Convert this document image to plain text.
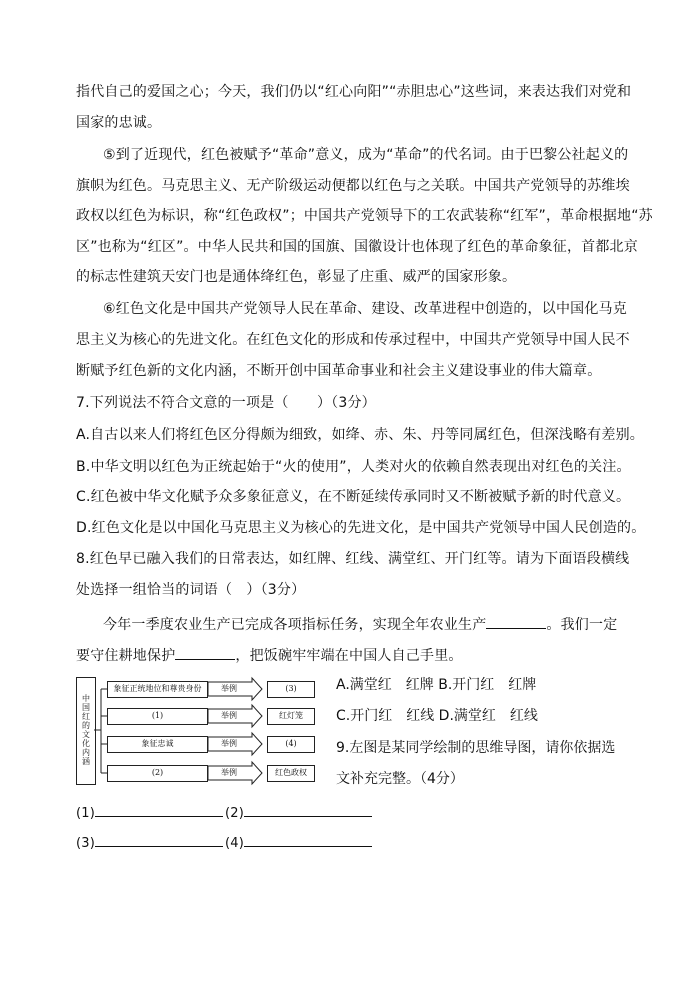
指代自己的爱国之心；今天，我们仍以“红心向阳”“赤胆忠心”这些词，来表达我们对党和
国家的忠诚。
⑤到了近现代，红色被赋予“革命”意义，成为“革命”的代名词。由于巴黎公社起义的
旗帜为红色。马克思主义、无产阶级运动便都以红色与之关联。中国共产党领导的苏维埃
政权以红色为标识，称“红色政权”；中国共产党领导下的工农武装称“红军”，革命根据地“苏
区”也称为“红区”。中华人民共和国的国旗、国徽设计也体现了红色的革命象征，首都北京
的标志性建筑天安门也是通体绛红色，彰显了庄重、威严的国家形象。
⑥红色文化是中国共产党领导人民在革命、建设、改革进程中创造的，以中国化马克
思主义为核心的先进文化。在红色文化的形成和传承过程中，中国共产党领导中国人民不
断赋予红色新的文化内涵，不断开创中国革命事业和社会主义建设事业的伟大篇章。
7.下列说法不符合文意的一项是（　　）（3分）
A.自古以来人们将红色区分得颇为细致，如绛、赤、朱、丹等同属红色，但深浅略有差别。
B.中华文明以红色为正统起始于“火的使用”，人类对火的依赖自然表现出对红色的关注。
C.红色被中华文化赋予众多象征意义，在不断延续传承同时又不断被赋予新的时代意义。
D.红色文化是以中国化马克思主义为核心的先进文化，是中国共产党领导中国人民创造的。
8.红色早已融入我们的日常表达，如红牌、红线、满堂红、开门红等。请为下面语段横线
处选择一组恰当的词语（　）（3分）
今年一季度农业生产已完成各项指标任务，实现全年农业生产	。我们一定
要守住耕地保护	，把饭碗牢牢端在中国人自己手里。
中国红的文化内涵
象征正统地位和尊贵身份
(1)
象征忠诚
(2)
举例
举例
举例
举例
(3)
红灯笼
(4)
红色政权
A.满堂红　红牌 B.开门红　红牌
C.开门红　红线 D.满堂红　红线
9.左图是某同学绘制的思维导图，请你依据选
文补充完整。（4分）
(1)	(2)
(3)	(4)
